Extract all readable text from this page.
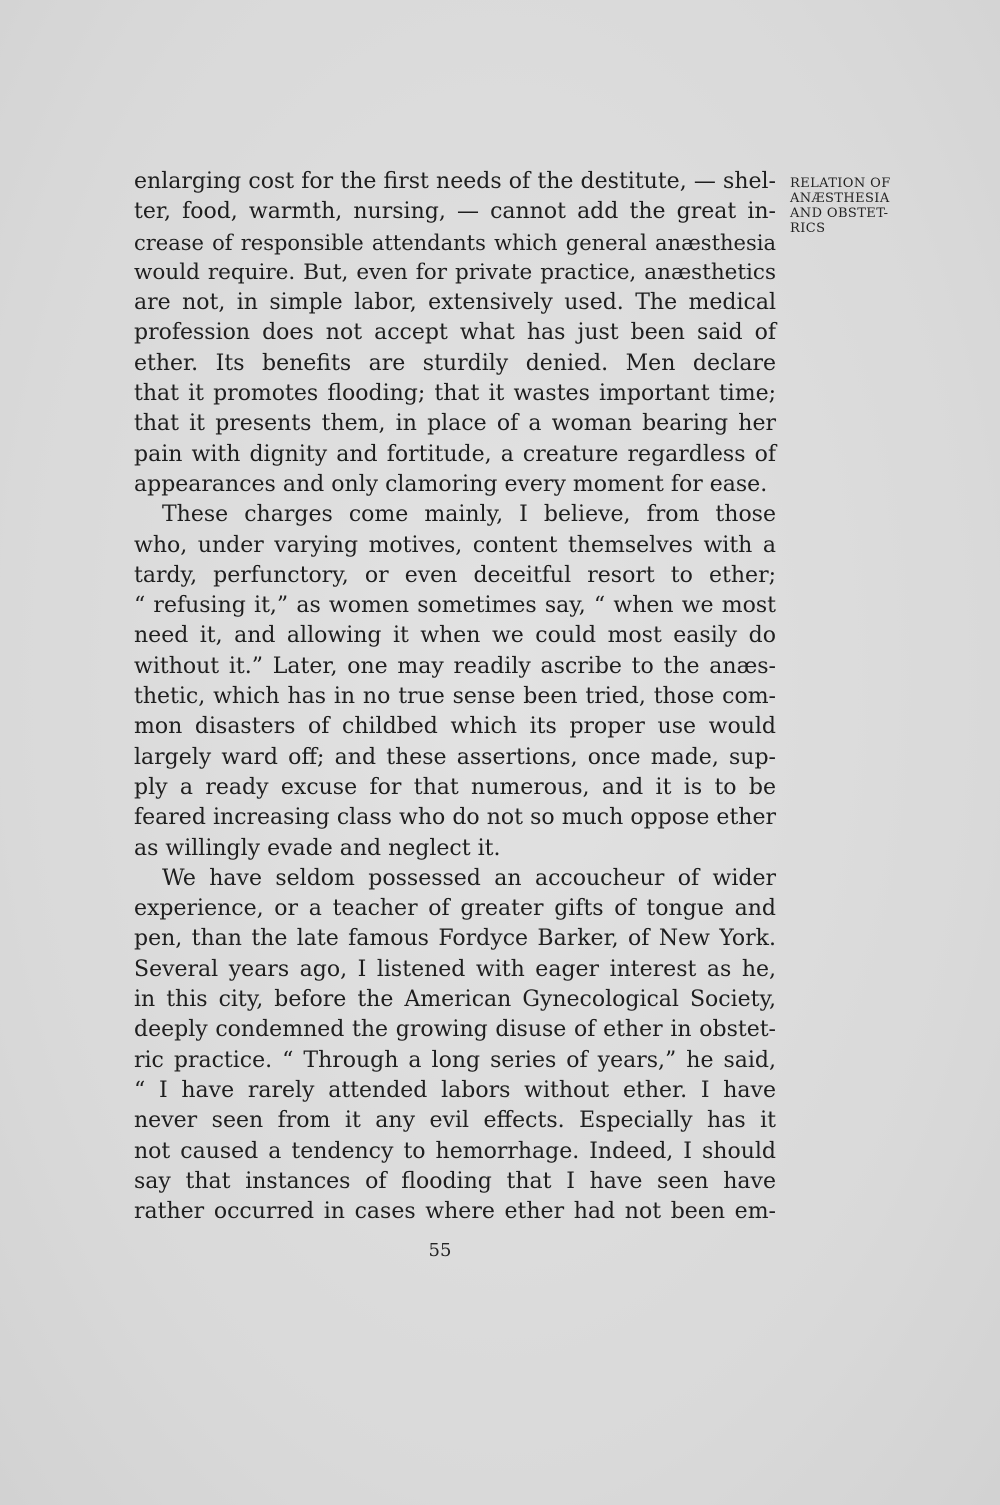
RELATION OF
ANÆSTHESIA
AND OBSTET-
RICS
enlarging cost for the first needs of the destitute, — shel-
ter, food, warmth, nursing, — cannot add the great in-
crease of responsible attendants which general anæsthesia
would require. But, even for private practice, anæsthetics
are not, in simple labor, extensively used. The medical
profession does not accept what has just been said of
ether. Its benefits are sturdily denied. Men declare
that it promotes flooding; that it wastes important time;
that it presents them, in place of a woman bearing her
pain with dignity and fortitude, a creature regardless of
appearances and only clamoring every moment for ease.
These charges come mainly, I believe, from those
who, under varying motives, content themselves with a
tardy, perfunctory, or even deceitful resort to ether;
“ refusing it,” as women sometimes say, “ when we most
need it, and allowing it when we could most easily do
without it.” Later, one may readily ascribe to the anæs-
thetic, which has in no true sense been tried, those com-
mon disasters of childbed which its proper use would
largely ward off; and these assertions, once made, sup-
ply a ready excuse for that numerous, and it is to be
feared increasing class who do not so much oppose ether
as willingly evade and neglect it.
We have seldom possessed an accoucheur of wider
experience, or a teacher of greater gifts of tongue and
pen, than the late famous Fordyce Barker, of New York.
Several years ago, I listened with eager interest as he,
in this city, before the American Gynecological Society,
deeply condemned the growing disuse of ether in obstet-
ric practice. “ Through a long series of years,” he said,
“ I have rarely attended labors without ether. I have
never seen from it any evil effects. Especially has it
not caused a tendency to hemorrhage. Indeed, I should
say that instances of flooding that I have seen have
rather occurred in cases where ether had not been em-
55
